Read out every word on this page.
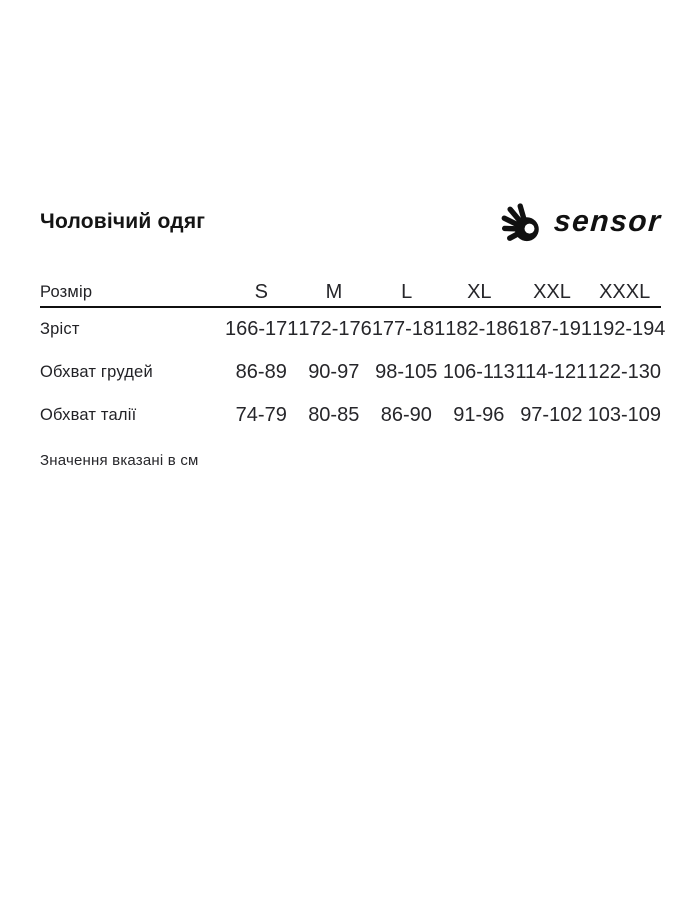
Чоловічий одяг	sensor
Розмір	S	M	L	XL	XXL	XXXL
Зріст	166-171 172-176 177-181 182-186 187-191 192-194
Обхват грудей	86-89	90-97 98-105 106-113 114-121 122-130
Обхват талії	74-79	80-85	86-90	91-96 97-102 103-109

Значення вказані в см
